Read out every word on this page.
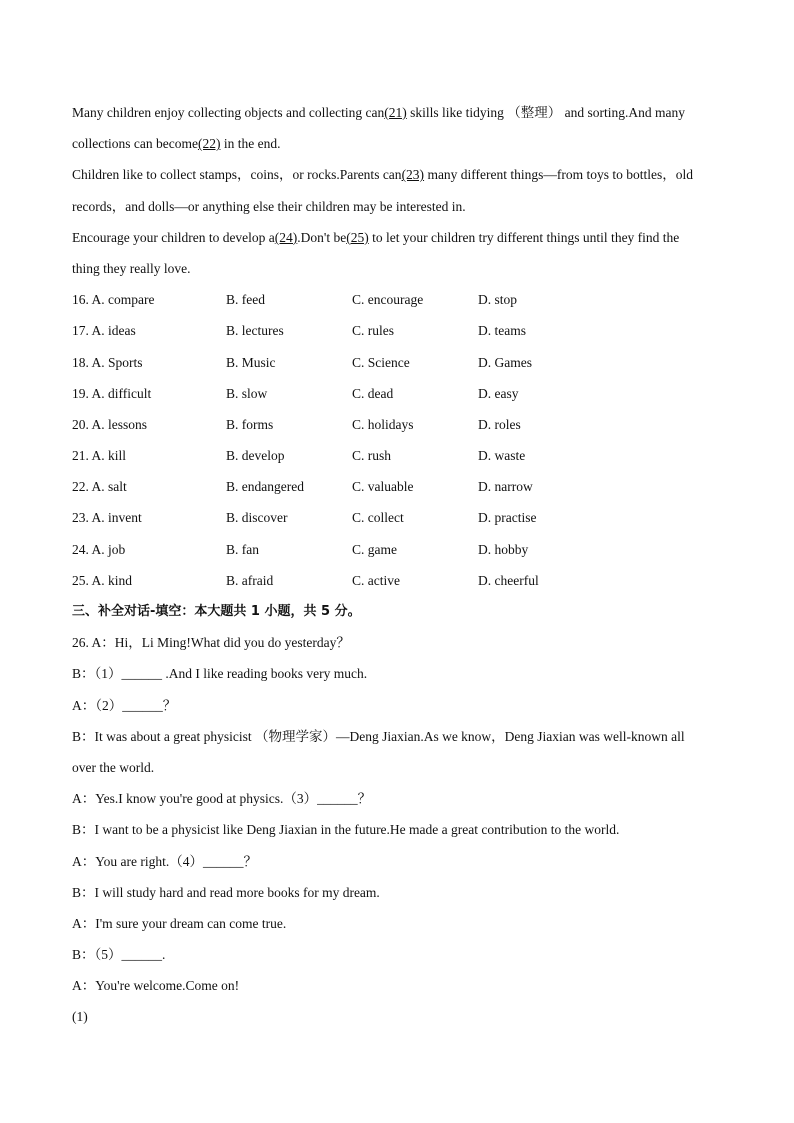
Many children enjoy collecting objects and collecting can(21) skills like tidying （整理） and sorting.And many
collections can become(22) in the end.
Children like to collect stamps，coins，or rocks.Parents can(23) many different things—from toys to bottles，old
records，and dolls—or anything else their children may be interested in.
Encourage your children to develop a(24).Don't be(25) to let your children try different things until they find the
thing they really love.
16. A. compare	B. feed	C. encourage	D. stop
17. A. ideas	B. lectures	C. rules	D. teams
18. A. Sports	B. Music	C. Science	D. Games
19. A. difficult	B. slow	C. dead	D. easy
20. A. lessons	B. forms	C. holidays	D. roles
21. A. kill	B. develop	C. rush	D. waste
22. A. salt	B. endangered	C. valuable	D. narrow
23. A. invent	B. discover	C. collect	D. practise
24. A. job	B. fan	C. game	D. hobby
25. A. kind	B. afraid	C. active	D. cheerful
三、补全对话-填空：本大题共 1 小题，共 5 分。
26. A：Hi，Li Ming!What did you do yesterday？
B：（1）______ .And I like reading books very much.
A：（2）______？
B：It was about a great physicist （物理学家）—Deng Jiaxian.As we know，Deng Jiaxian was well-known all
over the world.
A：Yes.I know you're good at physics.（3）______？
B：I want to be a physicist like Deng Jiaxian in the future.He made a great contribution to the world.
A：You are right.（4）______？
B：I will study hard and read more books for my dream.
A：I'm sure your dream can come true.
B：（5）______.
A：You're welcome.Come on!
(1)
